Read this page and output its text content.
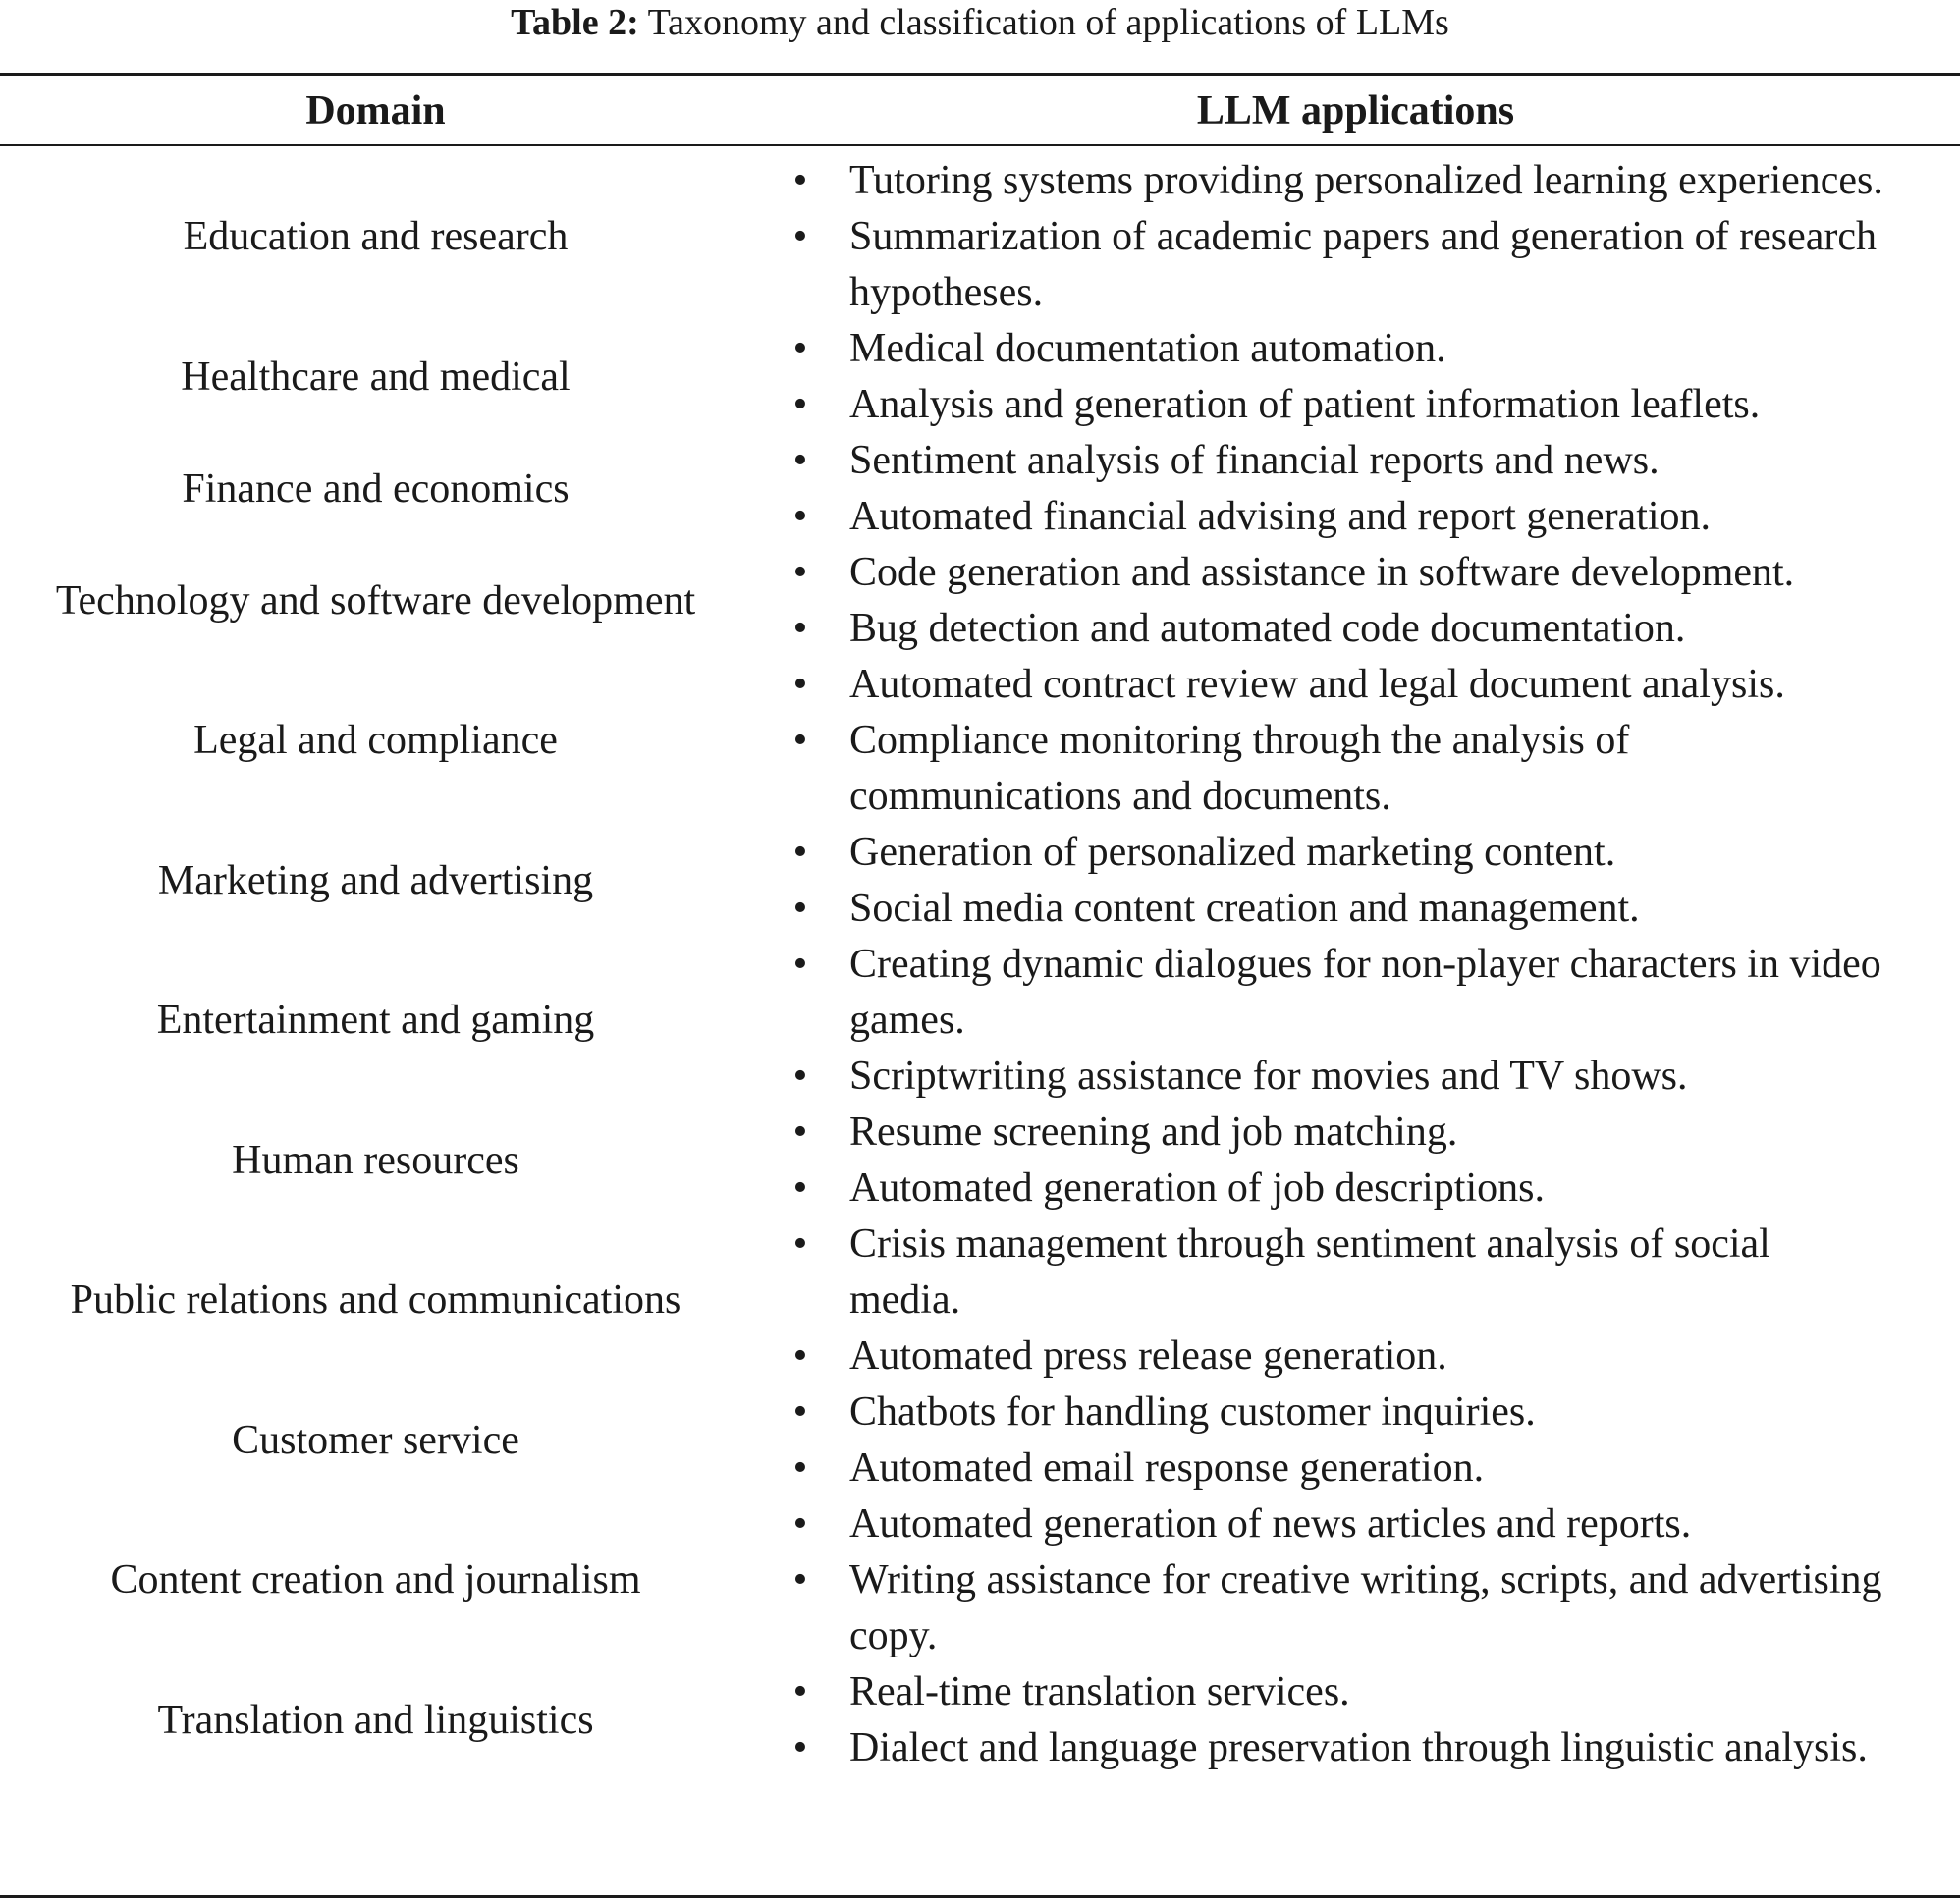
Table 2: Taxonomy and classification of applications of LLMs
Domain	LLM applications
Education and research
•	Tutoring systems providing personalized learning experiences.
•	Summarization of academic papers and generation of research hypotheses.
Healthcare and medical
•	Medical documentation automation.
•	Analysis and generation of patient information leaflets.
Finance and economics
•	Sentiment analysis of financial reports and news.
•	Automated financial advising and report generation.
Technology and software development
•	Code generation and assistance in software development.
•	Bug detection and automated code documentation.
Legal and compliance
•	Automated contract review and legal document analysis.
•	Compliance monitoring through the analysis of communications and documents.
Marketing and advertising
•	Generation of personalized marketing content.
•	Social media content creation and management.
Entertainment and gaming
•	Creating dynamic dialogues for non-player characters in video games.
•	Scriptwriting assistance for movies and TV shows.
Human resources
•	Resume screening and job matching.
•	Automated generation of job descriptions.
Public relations and communications
•	Crisis management through sentiment analysis of social media.
•	Automated press release generation.
Customer service
•	Chatbots for handling customer inquiries.
•	Automated email response generation.
Content creation and journalism
•	Automated generation of news articles and reports.
•	Writing assistance for creative writing, scripts, and advertising copy.
Translation and linguistics
•	Real-time translation services.
•	Dialect and language preservation through linguistic analysis.
